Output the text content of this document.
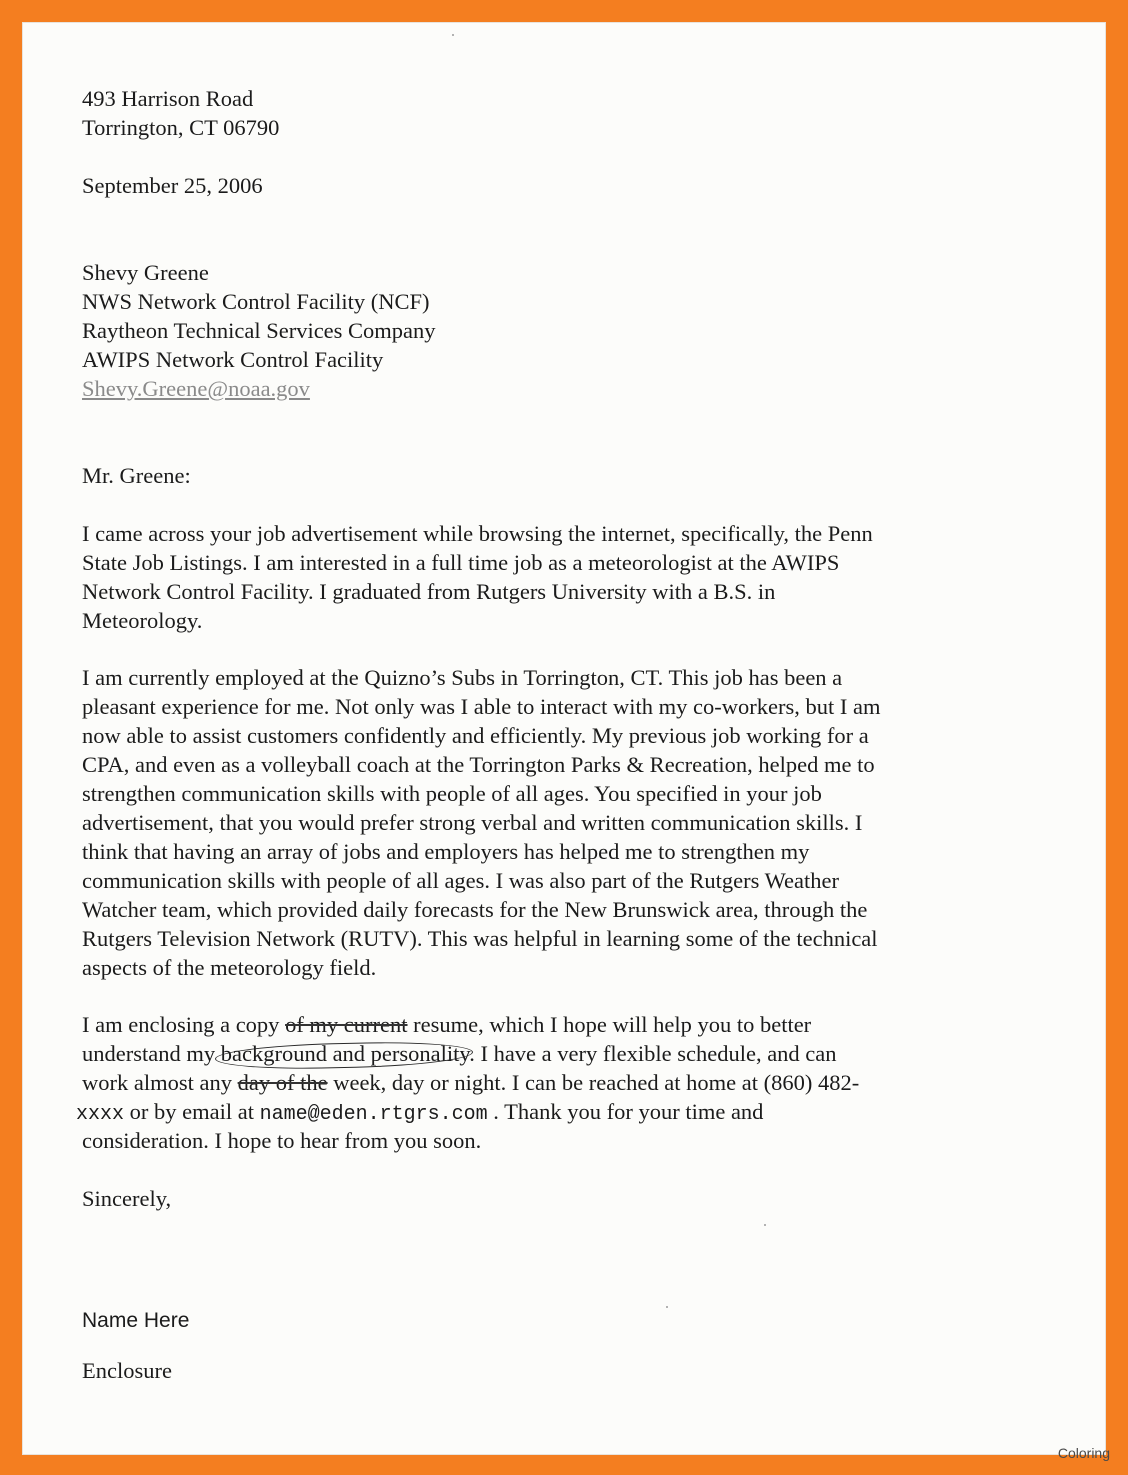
493 Harrison Road

Torrington, CT 06790

September 25, 2006

Shevy Greene

NWS Network Control Facility (NCF)

Raytheon Technical Services Company

AWIPS Network Control Facility

Shevy.Greene@noaa.gov

Mr. Greene:

I came across your job advertisement while browsing the internet, specifically, the Penn

State Job Listings. I am interested in a full time job as a meteorologist at the AWIPS

Network Control Facility. I graduated from Rutgers University with a B.S. in

Meteorology.

I am currently employed at the Quizno’s Subs in Torrington, CT. This job has been a

pleasant experience for me. Not only was I able to interact with my co-workers, but I am

now able to assist customers confidently and efficiently. My previous job working for a

CPA, and even as a volleyball coach at the Torrington Parks & Recreation, helped me to

strengthen communication skills with people of all ages. You specified in your job

advertisement, that you would prefer strong verbal and written communication skills. I

think that having an array of jobs and employers has helped me to strengthen my

communication skills with people of all ages. I was also part of the Rutgers Weather

Watcher team, which provided daily forecasts for the New Brunswick area, through the

Rutgers Television Network (RUTV). This was helpful in learning some of the technical

aspects of the meteorology field.

I am enclosing a copy of my current resume, which I hope will help you to better

understand my background and personality. I have a very flexible schedule, and can

work almost any day of the week, day or night. I can be reached at home at (860) 482-

xxxx or by email at name@eden.rtgrs.com . Thank you for your time and

consideration. I hope to hear from you soon.

Sincerely,

Name Here

Enclosure

Coloring
